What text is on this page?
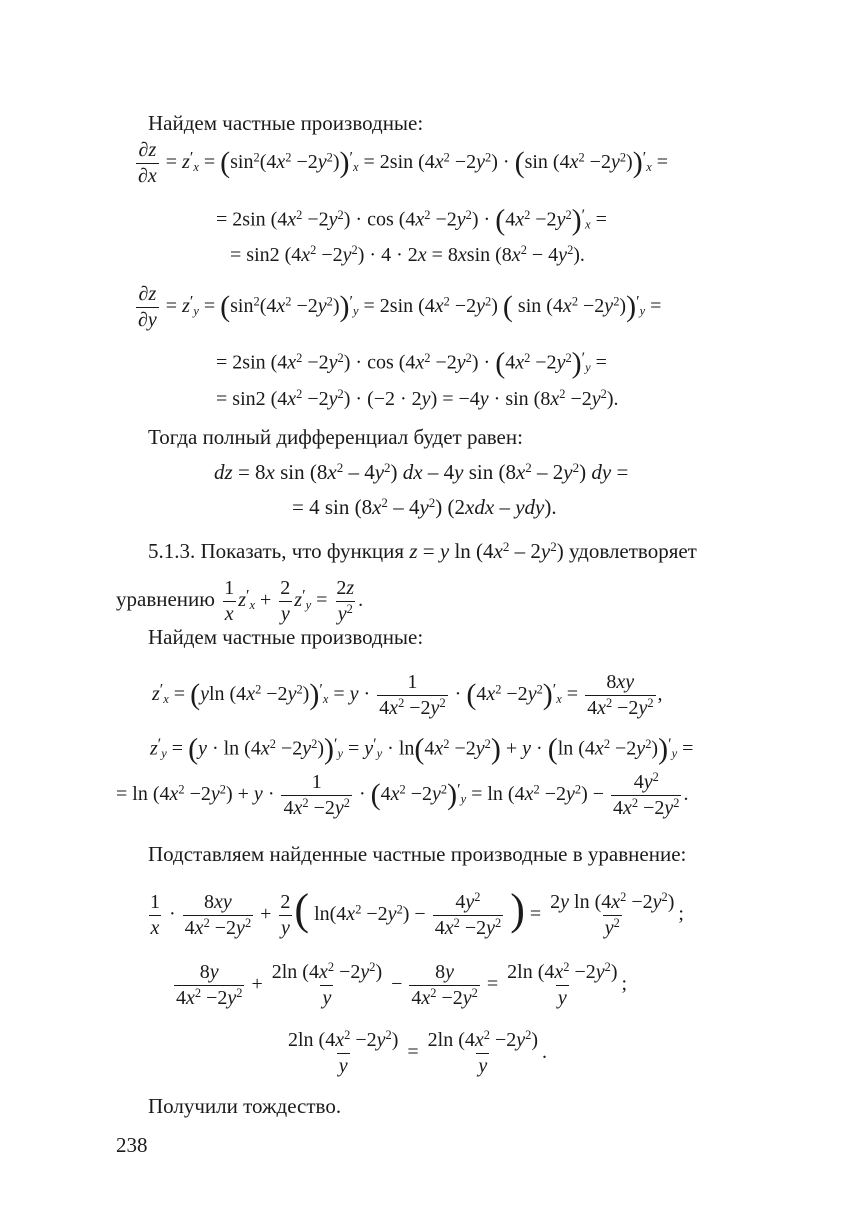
Найдем частные производные:
$\frac{\partial z}{\partial x} = z'_x = (\sin^2(4x^2 -2y^2))'_x = 2\sin$ $(4x^2 -2y^2) \cdot (\sin$ $(4x^2 -2y^2))'_x$ =
= 2sin $(4x^2 -2y^2) \cdot \cos (4x^2 -2y^2) \cdot (4x^2 -2y^2)'_x$ =
= sin2 $(4x^2 -2y^2) \cdot 4 \cdot 2x = 8xsin$ $(8x^2 - 4y^2)$.
$\frac{\partial z}{\partial y} = z'_y = (\sin^2(4x^2 -2y^2))'_y = 2\sin$ $(4x^2 -2y^2)$ ( $\sin (4x^2 -2y^2))'_y$ =
= 2sin $(4x^2 -2y^2) \cdot \cos (4x^2 -2y^2) \cdot (4x^2 -2y^2)'_y$ =
= sin2 $(4x^2 -2y^2) \cdot (-2 \cdot 2y) = -4y \cdot \sin (8x^2 -2y^2)$.
Тогда полный дифференциал будет равен:
dz = 8x $\sin (8x^2 - 4y^2)$ dx – 4y $\sin (8x^2 - 2y^2)$ dy =
= 4 $\sin (8x^2 - 4y^2)$ (2xdx – ydy).
5.1.3. Показать, что функция z = y $\ln (4x^2 - 2y^2)$ удовлетворяет
уравнению $\frac{1}{x} z'_x + \frac{2}{y} z'_y = \frac{2z}{y^2}$ .
Найдем частные производные:
$z'_x = (yln$ $(4x^2 -2y^2))'_x = y \cdot \frac{1}{4x^2 -2y^2} \cdot (4x^2 -2y^2)'_x = \frac{8xy}{4x^2 -2y^2}$ ,
$z'_y = (y \cdot \ln (4x^2 -2y^2))'_y = y'_y \cdot \ln(4x^2 -2y^2) + y \cdot (\ln$ $(4x^2 -2y^2))'_y$ =
= $\ln (4x^2 -2y^2) + y \cdot \frac{1}{4x^2 -2y^2} \cdot (4x^2 -2y^2)'_y = \ln (4x^2 -2y^2) - \frac{4y^2}{4x^2 -2y^2}$ .
Подставляем найденные частные производные в уравнение:
$\frac{1}{x} \cdot \frac{8xy}{4x^2 -2y^2} + \frac{2}{y}$ ( $\ln(4x^2 -2y^2) - \frac{4y^2}{4x^2 -2y^2}$ ) = $\frac{2y \ln (4x^2 -2y^2)}{y^2}$ ;
$\frac{8y}{4x^2 -2y^2} + \frac{2\ln (4x^2 -2y^2)}{y} - \frac{8y}{4x^2 -2y^2} = \frac{2\ln (4x^2 -2y^2)}{y}$ ;
$\frac{2\ln (4x^2 -2y^2)}{y} = \frac{2\ln (4x^2 -2y^2)}{y}$ .
Получили тождество.
238
